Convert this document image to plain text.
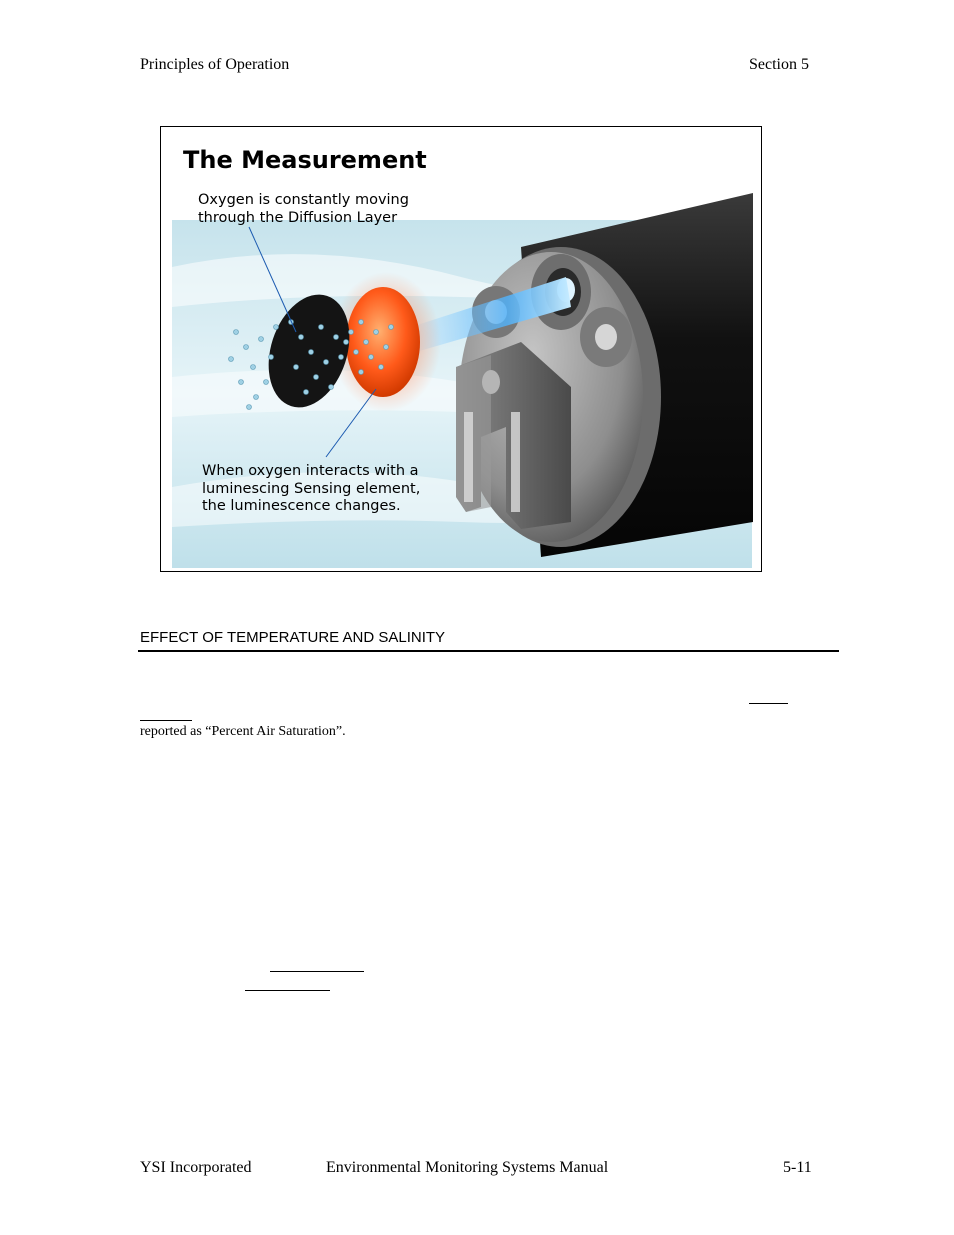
Principles of Operation	Section 5
The Measurement
Oxygen is constantly moving through the Diffusion Layer
When oxygen interacts with a luminescing Sensing element, the luminescence changes.
EFFECT OF TEMPERATURE AND SALINITY
reported as “Percent Air Saturation”.
YSI Incorporated	Environmental Monitoring Systems Manual	5-11
